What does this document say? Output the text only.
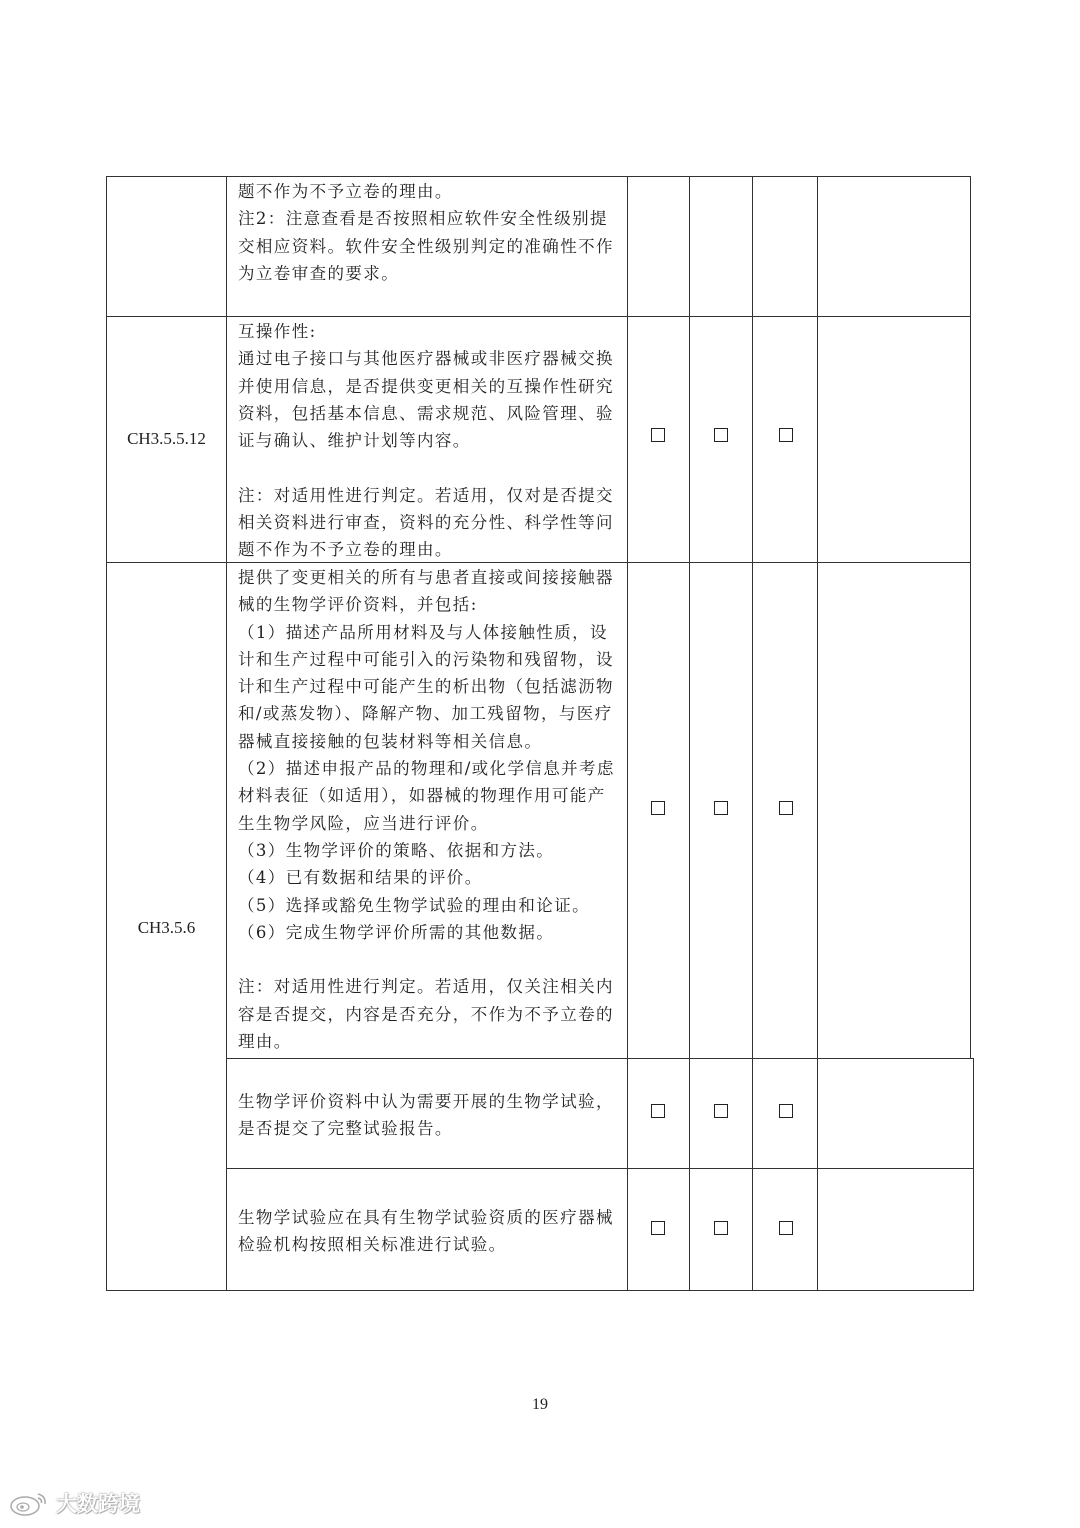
题不作为不予立卷的理由。
注2：注意查看是否按照相应软件安全性级别提交相应资料。软件安全性级别判定的准确性不作为立卷审查的要求。
CH3.5.5.12
互操作性:
通过电子接口与其他医疗器械或非医疗器械交换并使用信息，是否提供变更相关的互操作性研究资料，包括基本信息、需求规范、风险管理、验证与确认、维护计划等内容。

注：对适用性进行判定。若适用，仅对是否提交相关资料进行审查，资料的充分性、科学性等问题不作为不予立卷的理由。
CH3.5.6
提供了变更相关的所有与患者直接或间接接触器械的生物学评价资料，并包括:
（1）描述产品所用材料及与人体接触性质，设计和生产过程中可能引入的污染物和残留物，设计和生产过程中可能产生的析出物（包括滤沥物和/或蒸发物）、降解产物、加工残留物，与医疗器械直接接触的包装材料等相关信息。
（2）描述申报产品的物理和/或化学信息并考虑材料表征（如适用），如器械的物理作用可能产生生物学风险，应当进行评价。
（3）生物学评价的策略、依据和方法。
（4）已有数据和结果的评价。
（5）选择或豁免生物学试验的理由和论证。
（6）完成生物学评价所需的其他数据。

注：对适用性进行判定。若适用，仅关注相关内容是否提交，内容是否充分，不作为不予立卷的理由。
生物学评价资料中认为需要开展的生物学试验，是否提交了完整试验报告。
生物学试验应在具有生物学试验资质的医疗器械检验机构按照相关标准进行试验。
19
大数跨境
